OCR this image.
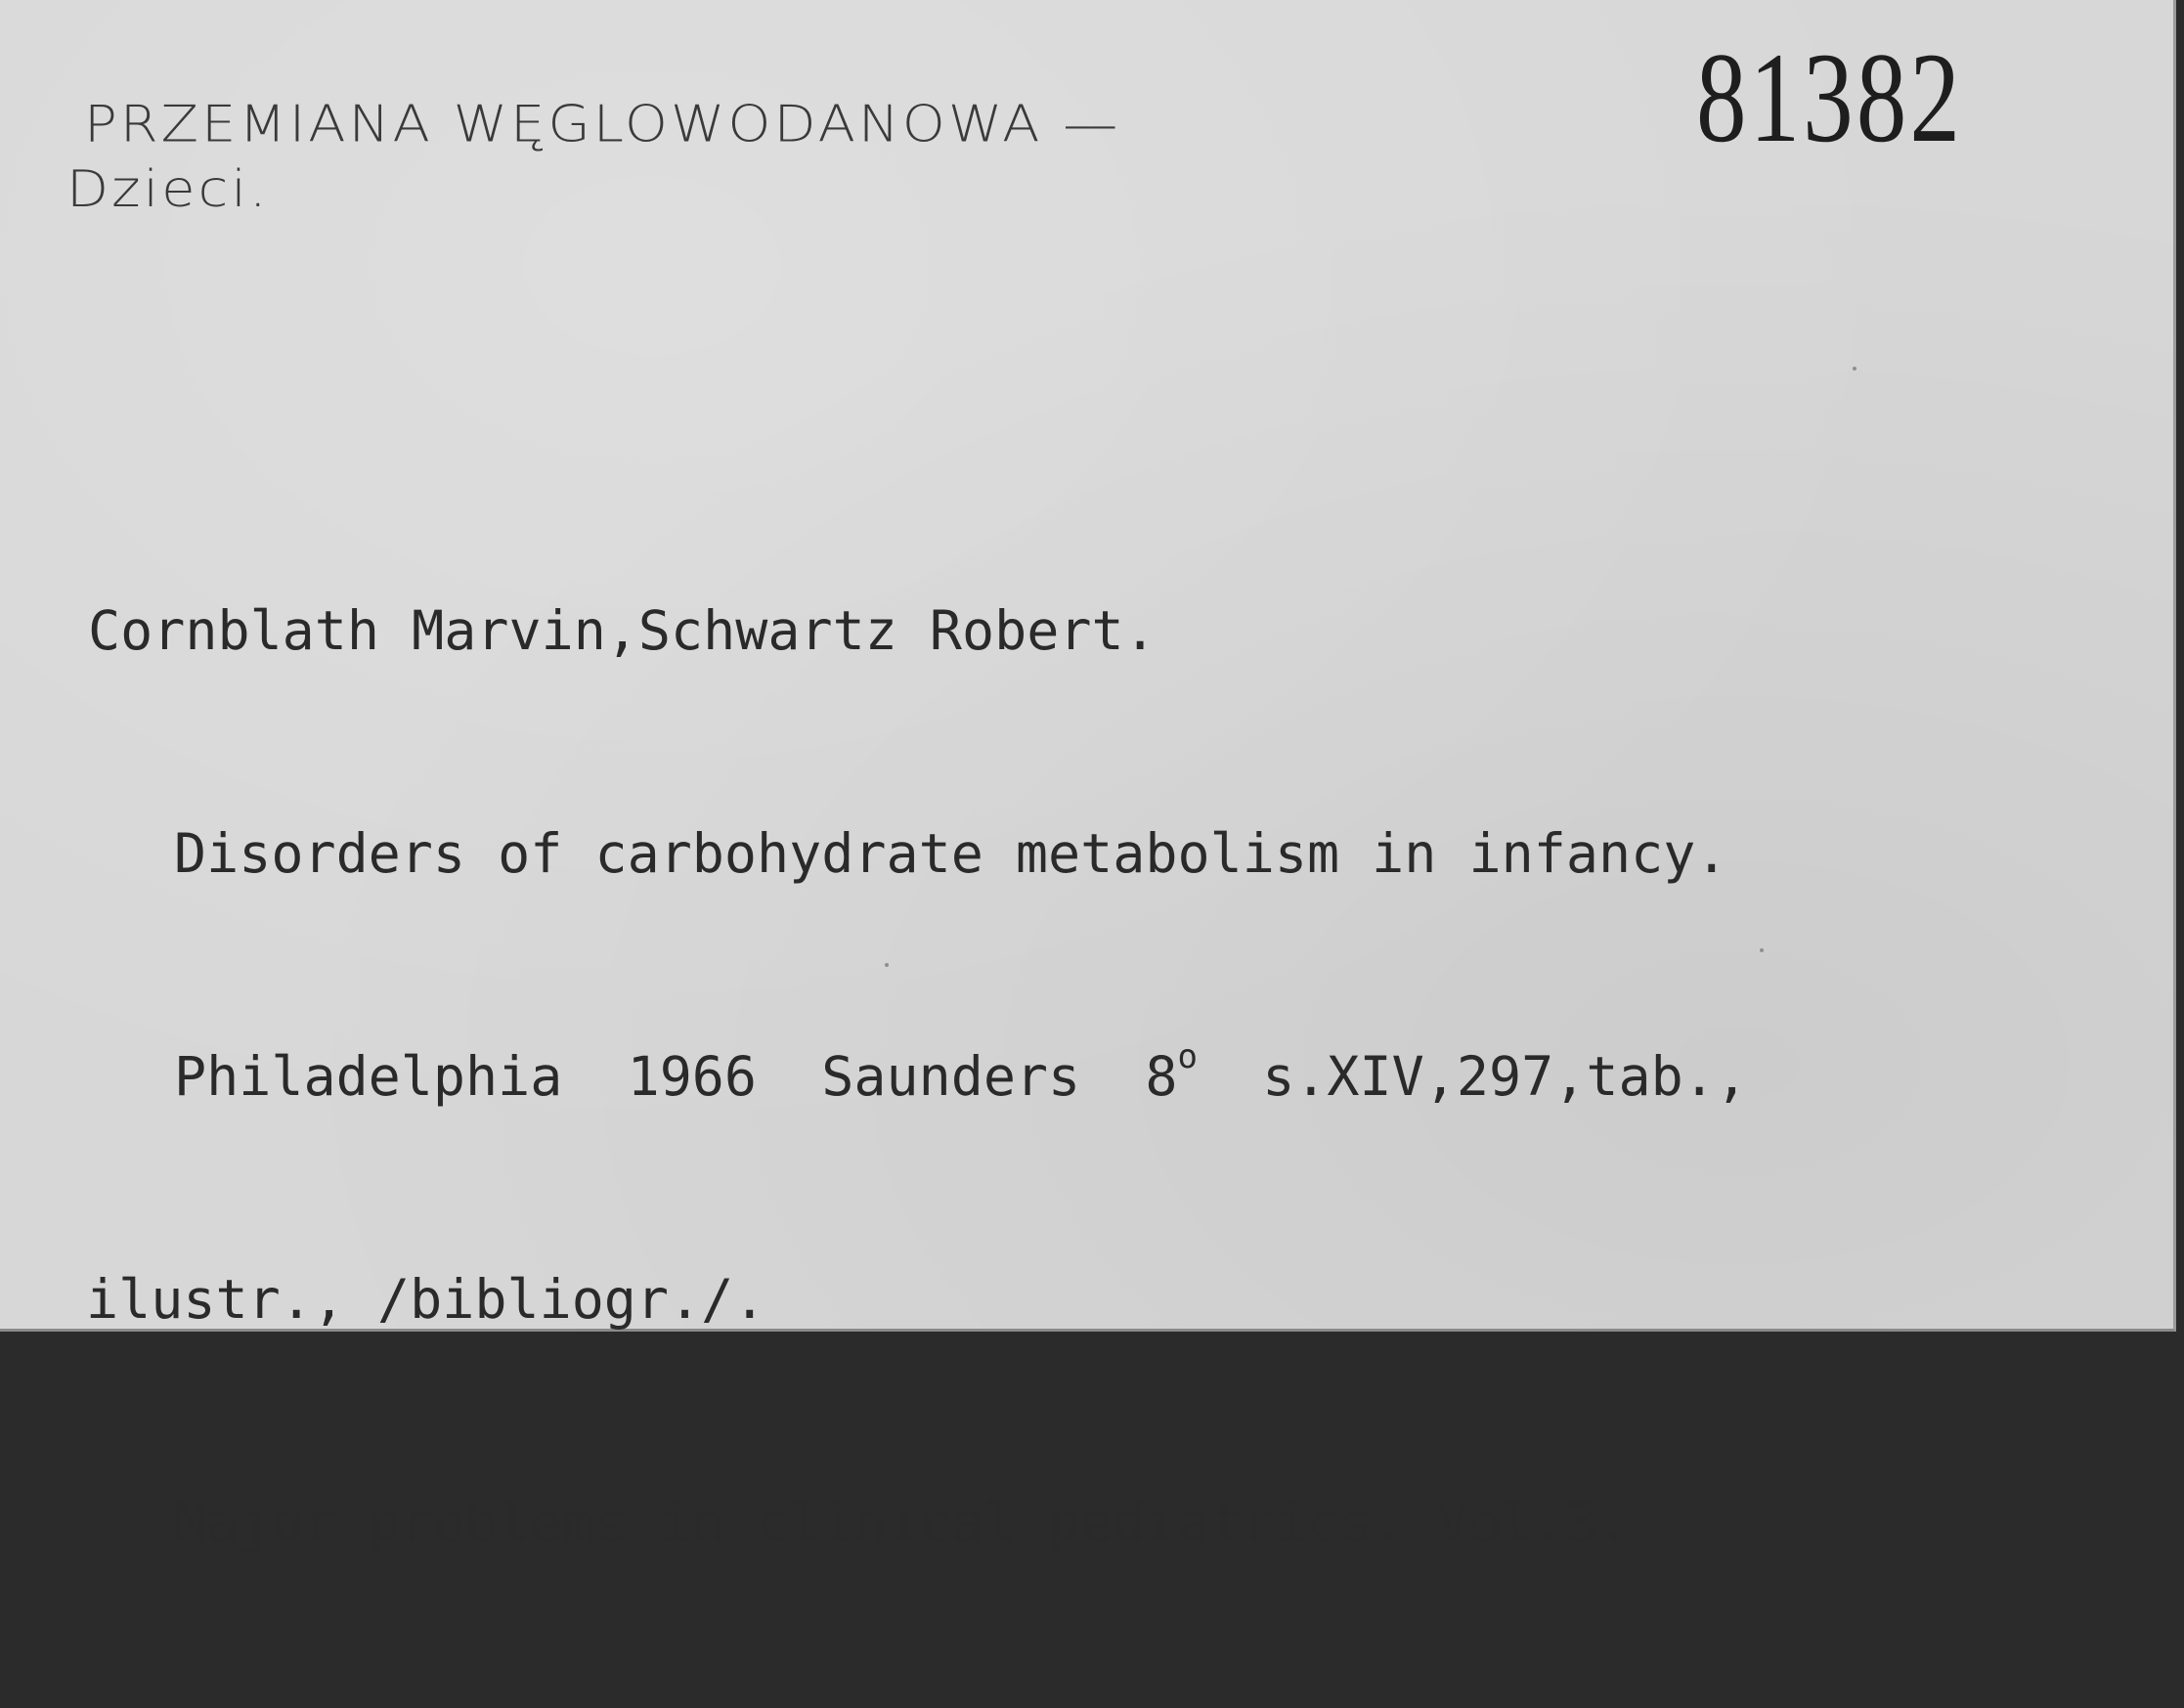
PRZEMIANA WĘGLOWODANOWA —
Dzieci.
81382

Cornblath Marvin,Schwartz Robert.

Disorders of carbohydrate metabolism in infancy.

Philadelphia  1966  Saunders  8$^o$  s.XIV,297,tab.,

ilustr., /bibliogr./.

Major problems in clinical pediatrics. Vol.3.
